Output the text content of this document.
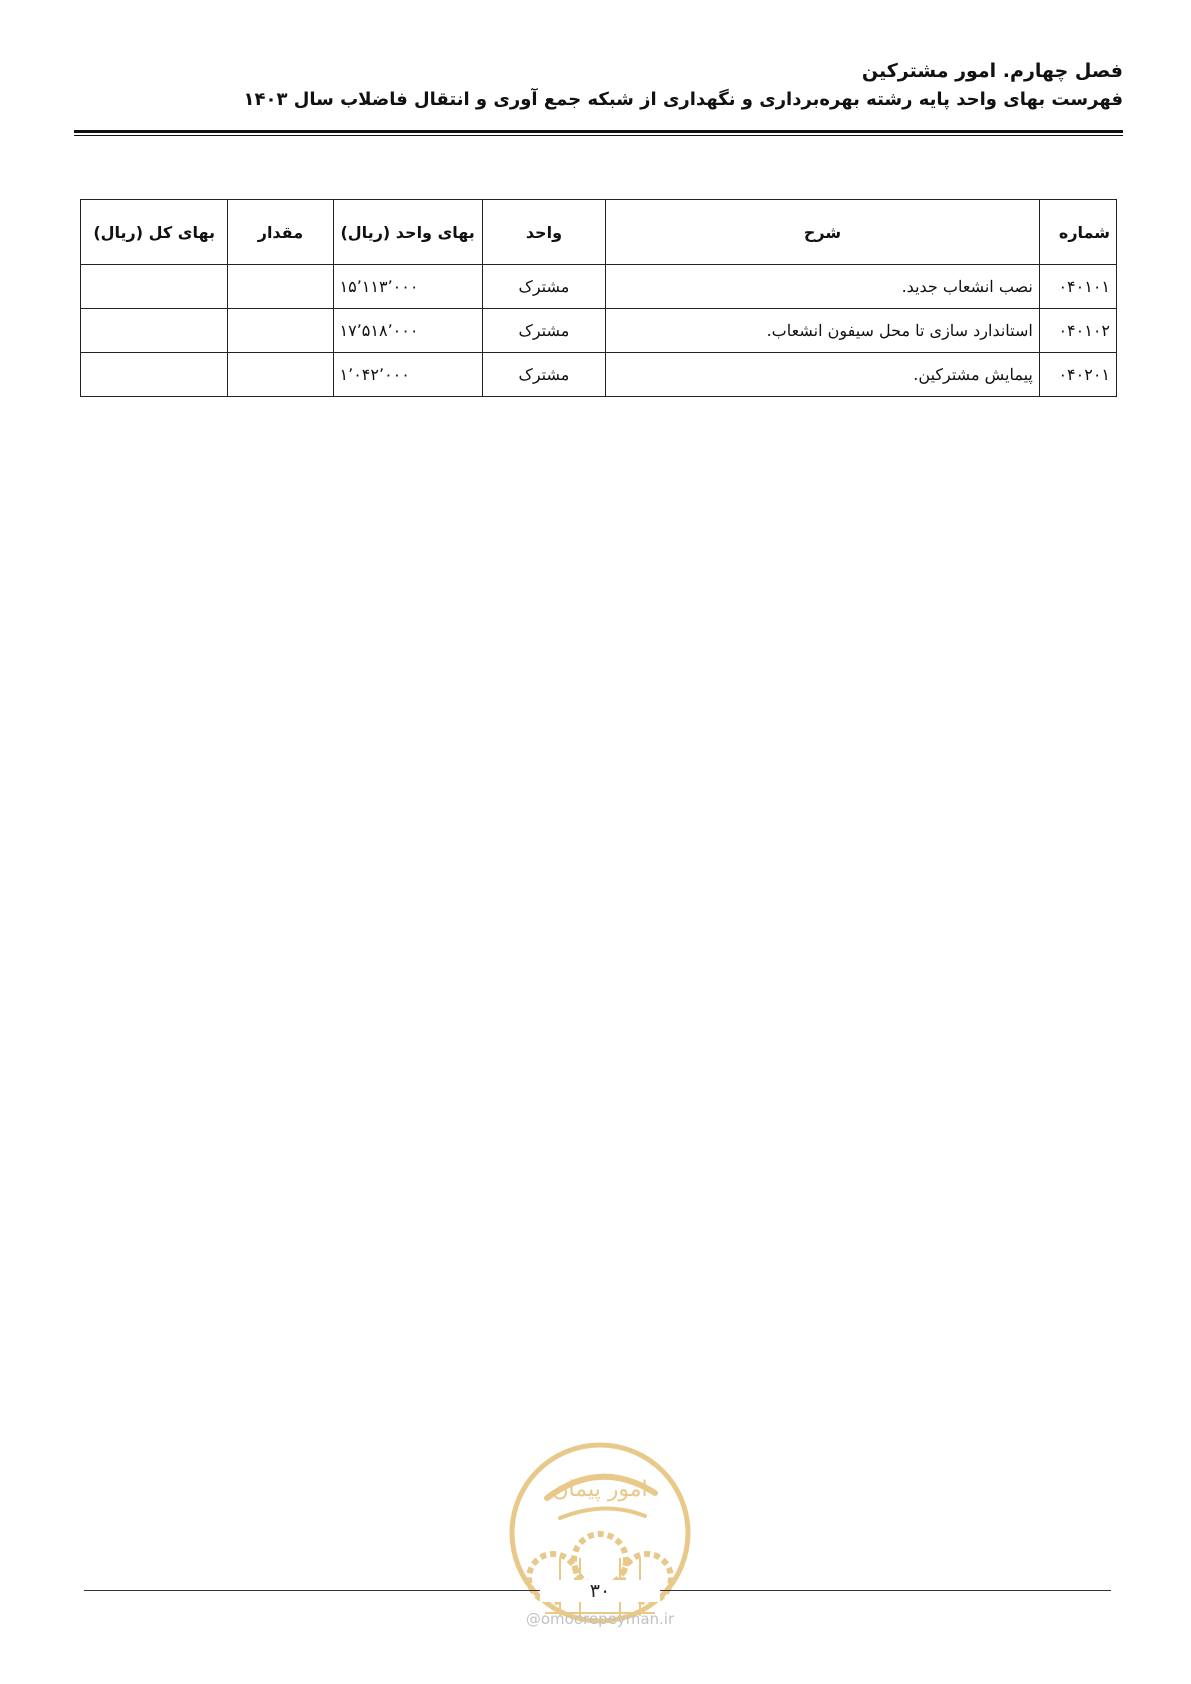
فصل چهارم. امور مشترکین
فهرست بهای واحد پایه رشته بهره‌برداری و نگهداری از شبکه جمع آوری و انتقال فاضلاب سال ۱۴۰۳
شماره	شرح	واحد	بهای واحد (ریال)	مقدار	بهای کل (ریال)
۰۴۰۱۰۱	نصب انشعاب جدید.	مشترک	۱۵٬۱۱۳٬۰۰۰		
۰۴۰۱۰۲	استاندارد سازی تا محل سیفون انشعاب.	مشترک	۱۷٬۵۱۸٬۰۰۰		
۰۴۰۲۰۱	پیمایش مشترکین.	مشترک	۱٬۰۴۲٬۰۰۰		
امور پیمان
۳۰
@omoorepeyman.ir
